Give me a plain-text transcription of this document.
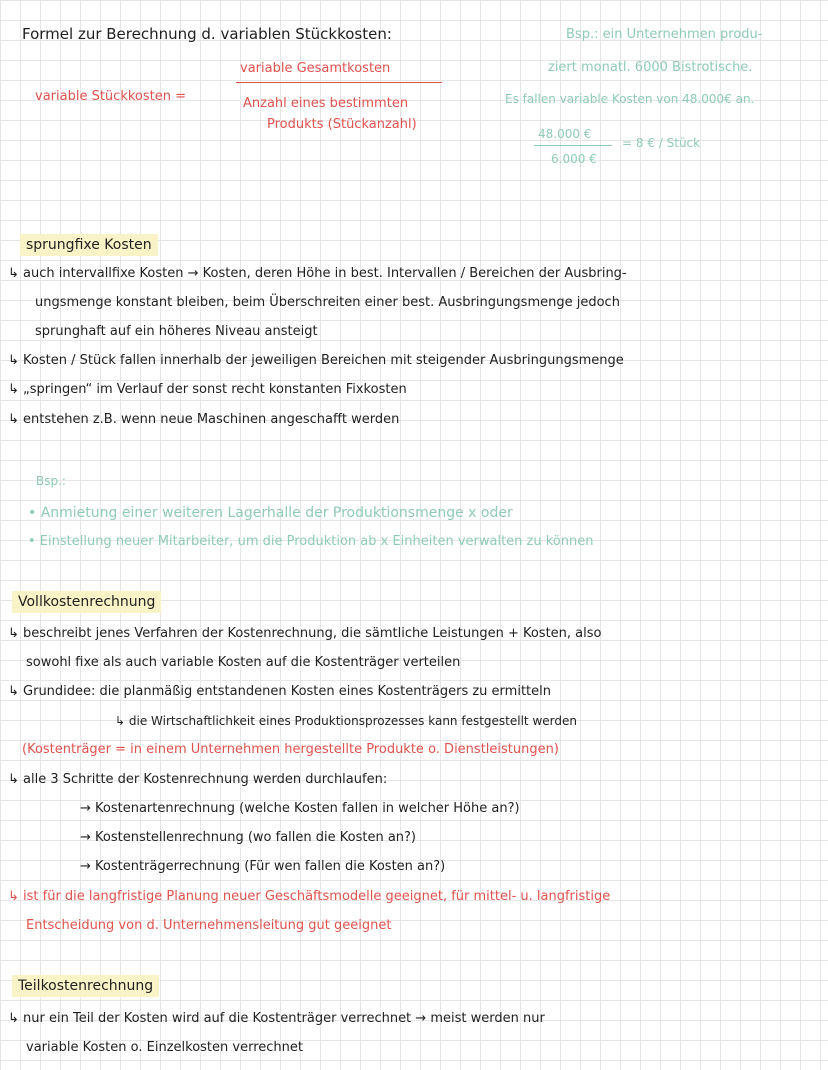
Formel zur Berechnung d. variablen Stückkosten:
variable Stückkosten =
variable Gesamtkosten
Anzahl eines bestimmten
Produkts (Stückanzahl)
Bsp.: ein Unternehmen produ-
ziert monatl. 6000 Bistrotische.
Es fallen variable Kosten von 48.000€ an.
48.000 €
6.000 €
= 8 € / Stück
sprungfixe Kosten
↳ auch intervallfixe Kosten → Kosten, deren Höhe in best. Intervallen / Bereichen der Ausbring-
ungsmenge konstant bleiben, beim Überschreiten einer best. Ausbringungsmenge jedoch
sprunghaft auf ein höheres Niveau ansteigt
↳ Kosten / Stück fallen innerhalb der jeweiligen Bereichen mit steigender Ausbringungsmenge
↳ „springen“ im Verlauf der sonst recht konstanten Fixkosten
↳ entstehen z.B. wenn neue Maschinen angeschafft werden
Bsp.:
• Anmietung einer weiteren Lagerhalle der Produktionsmenge x oder
• Einstellung neuer Mitarbeiter, um die Produktion ab x Einheiten verwalten zu können
Vollkostenrechnung
↳ beschreibt jenes Verfahren der Kostenrechnung, die sämtliche Leistungen + Kosten, also
sowohl fixe als auch variable Kosten auf die Kostenträger verteilen
↳ Grundidee: die planmäßig entstandenen Kosten eines Kostenträgers zu ermitteln
↳ die Wirtschaftlichkeit eines Produktionsprozesses kann festgestellt werden
(Kostenträger = in einem Unternehmen hergestellte Produkte o. Dienstleistungen)
↳ alle 3 Schritte der Kostenrechnung werden durchlaufen:
→ Kostenartenrechnung (welche Kosten fallen in welcher Höhe an?)
→ Kostenstellenrechnung (wo fallen die Kosten an?)
→ Kostenträgerrechnung (Für wen fallen die Kosten an?)
↳ ist für die langfristige Planung neuer Geschäftsmodelle geeignet, für mittel- u. langfristige
Entscheidung von d. Unternehmensleitung gut geeignet
Teilkostenrechnung
↳ nur ein Teil der Kosten wird auf die Kostenträger verrechnet → meist werden nur
variable Kosten o. Einzelkosten verrechnet
